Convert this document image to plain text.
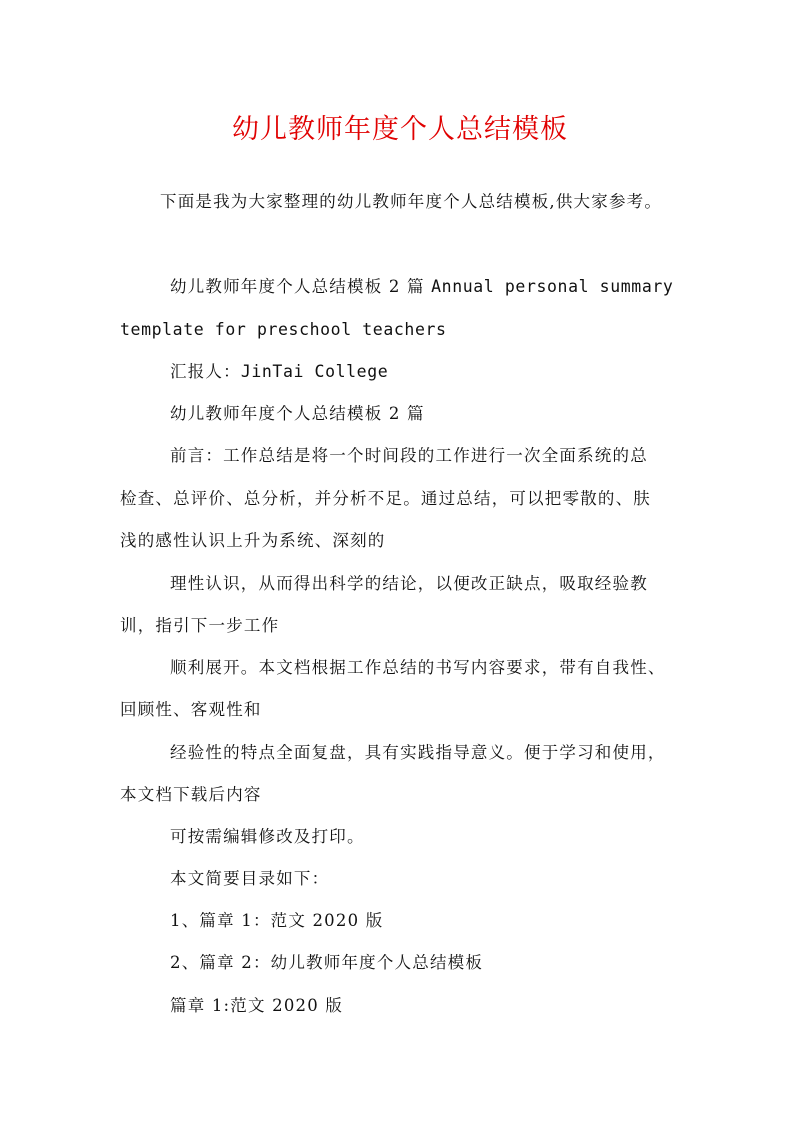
幼儿教师年度个人总结模板
下面是我为大家整理的幼儿教师年度个人总结模板,供大家参考。
幼儿教师年度个人总结模板 2 篇 Annual personal summary
template for preschool teachers
汇报人：JinTai College
幼儿教师年度个人总结模板 2 篇
前言：工作总结是将一个时间段的工作进行一次全面系统的总
检查、总评价、总分析，并分析不足。通过总结，可以把零散的、肤
浅的感性认识上升为系统、深刻的
理性认识，从而得出科学的结论，以便改正缺点，吸取经验教
训，指引下一步工作
顺利展开。本文档根据工作总结的书写内容要求，带有自我性、
回顾性、客观性和
经验性的特点全面复盘，具有实践指导意义。便于学习和使用，
本文档下载后内容
可按需编辑修改及打印。
本文简要目录如下：
1、篇章 1：范文 2020 版
2、篇章 2：幼儿教师年度个人总结模板
篇章 1:范文 2020 版
